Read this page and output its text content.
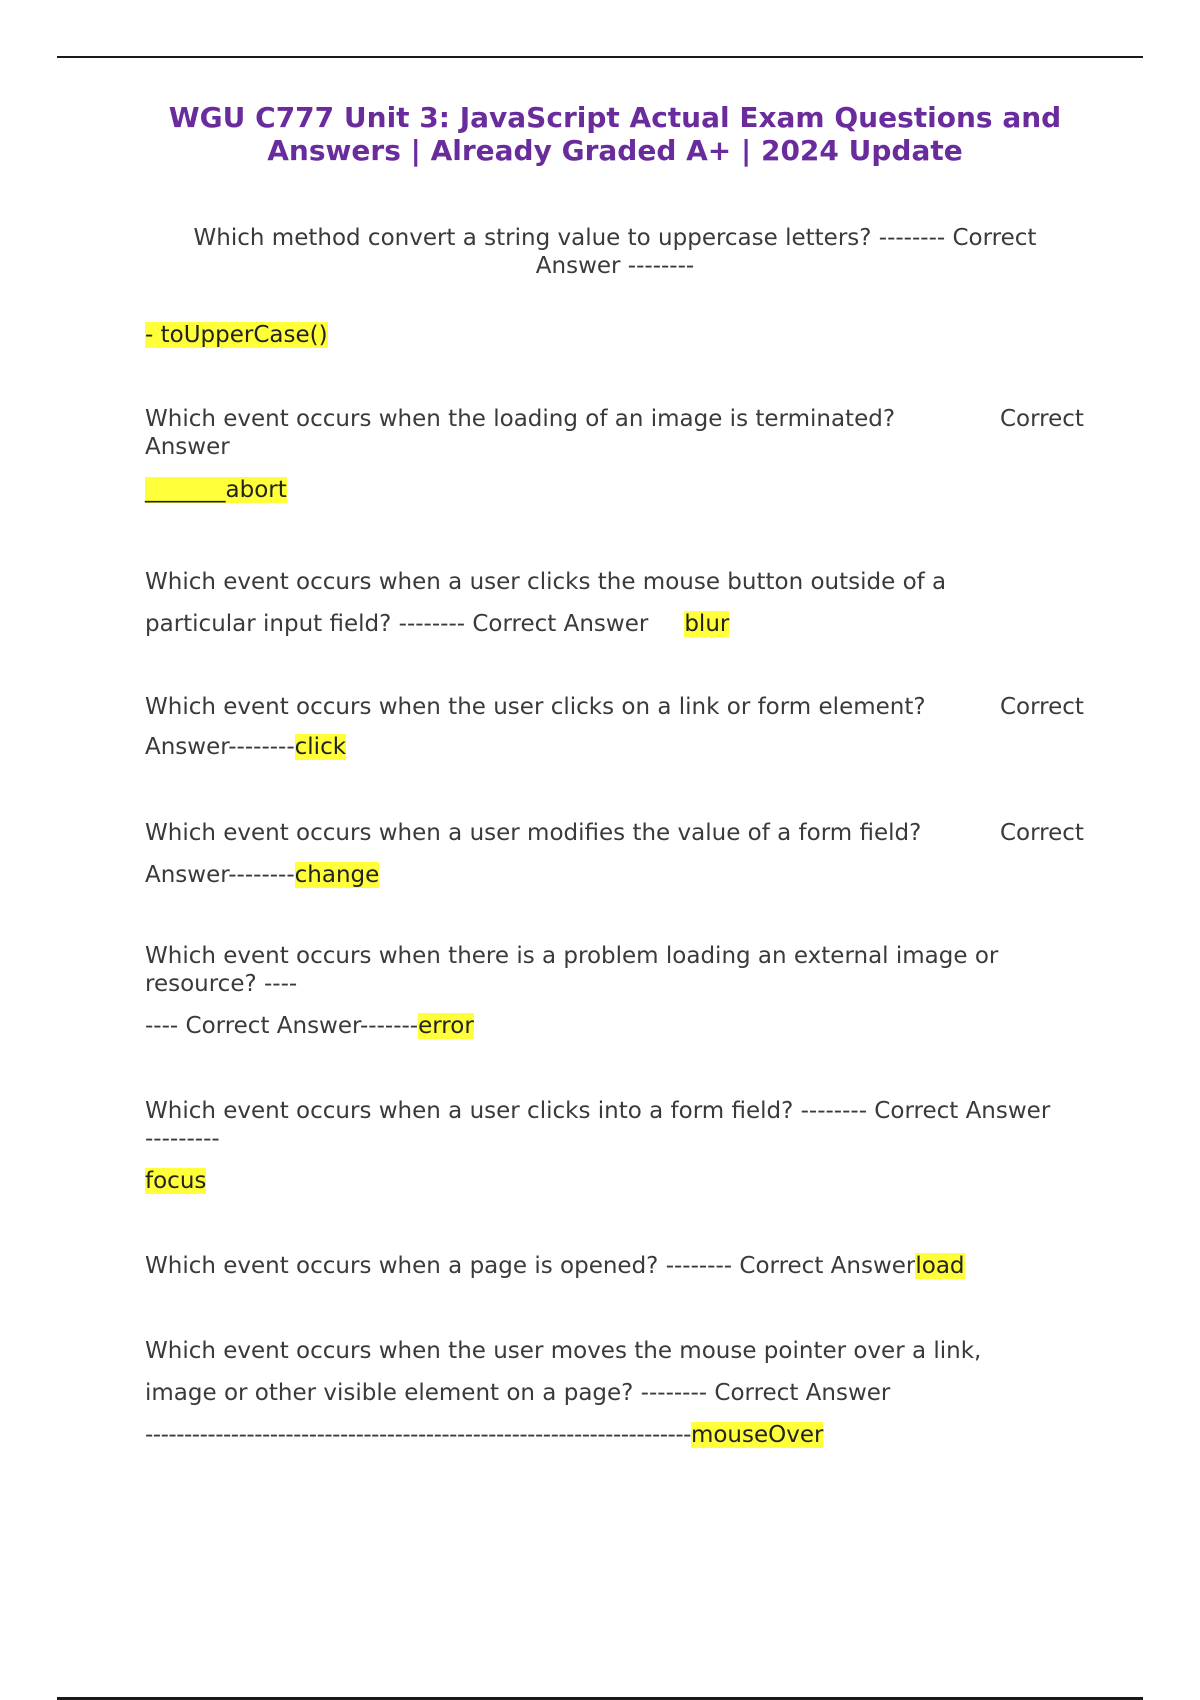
WGU C777 Unit 3: JavaScript Actual Exam Questions and
Answers | Already Graded A+ | 2024 Update
Which method convert a string value to uppercase letters? -------- Correct
Answer --------
- toUpperCase()
Which event occurs when the loading of an image is terminated?	Correct
Answer
_______abort
Which event occurs when a user clicks the mouse button outside of a
particular input field? -------- Correct Answer blur
Which event occurs when the user clicks on a link or form element?	Correct
Answer--------click
Which event occurs when a user modifies the value of a form field?	Correct
Answer--------change
Which event occurs when there is a problem loading an external image or
resource? ----
---- Correct Answer-------error
Which event occurs when a user clicks into a form field? -------- Correct Answer
---------
focus
Which event occurs when a page is opened? -------- Correct Answerload
Which event occurs when the user moves the mouse pointer over a link,
image or other visible element on a page? -------- Correct Answer
----------------------------------------------------------------------mouseOver
